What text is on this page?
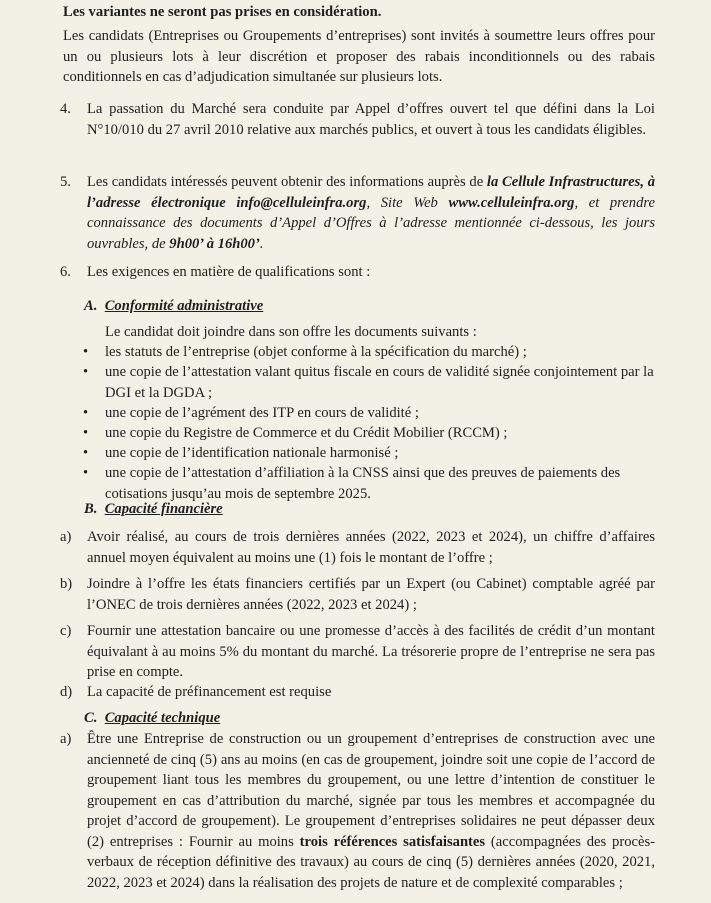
Les variantes ne seront pas prises en considération.

Les candidats (Entreprises ou Groupements d’entreprises) sont invités à soumettre leurs offres pour un ou plusieurs lots à leur discrétion et proposer des rabais inconditionnels ou des rabais conditionnels en cas d’adjudication simultanée sur plusieurs lots.

4. La passation du Marché sera conduite par Appel d’offres ouvert tel que défini dans la Loi N°10/010 du 27 avril 2010 relative aux marchés publics, et ouvert à tous les candidats éligibles.

5. Les candidats intéressés peuvent obtenir des informations auprès de la Cellule Infrastructures, à l’adresse électronique info@celluleinfra.org, Site Web www.celluleinfra.org, et prendre connaissance des documents d’Appel d’Offres à l’adresse mentionnée ci-dessous, les jours ouvrables, de 9h00’ à 16h00’.

6. Les exigences en matière de qualifications sont :

A. Conformité administrative

Le candidat doit joindre dans son offre les documents suivants :

• les statuts de l’entreprise (objet conforme à la spécification du marché) ;

• une copie de l’attestation valant quitus fiscale en cours de validité signée conjointement par la DGI et la DGDA ;

• une copie de l’agrément des ITP en cours de validité ;

• une copie du Registre de Commerce et du Crédit Mobilier (RCCM) ;

• une copie de l’identification nationale harmonisé ;

• une copie de l’attestation d’affiliation à la CNSS ainsi que des preuves de paiements des cotisations jusqu’au mois de septembre 2025.

B. Capacité financière
a) Avoir réalisé, au cours de trois dernières années (2022, 2023 et 2024), un chiffre d’affaires annuel moyen équivalent au moins une (1) fois le montant de l’offre ;

b) Joindre à l’offre les états financiers certifiés par un Expert (ou Cabinet) comptable agréé par l’ONEC de trois dernières années (2022, 2023 et 2024) ;

c) Fournir une attestation bancaire ou une promesse d’accès à des facilités de crédit d’un montant équivalant à au moins 5% du montant du marché. La trésorerie propre de l’entreprise ne sera pas prise en compte.

d) La capacité de préfinancement est requise

C. Capacité technique
a) Être une Entreprise de construction ou un groupement d’entreprises de construction avec une ancienneté de cinq (5) ans au moins (en cas de groupement, joindre soit une copie de l’accord de groupement liant tous les membres du groupement, ou une lettre d’intention de constituer le groupement en cas d’attribution du marché, signée par tous les membres et accompagnée du projet d’accord de groupement). Le groupement d’entreprises solidaires ne peut dépasser deux (2) entreprises : Fournir au moins trois références satisfaisantes (accompagnées des procès-verbaux de réception définitive des travaux) au cours de cinq (5) dernières années (2020, 2021, 2022, 2023 et 2024) dans la réalisation des projets de nature et de complexité comparables ;
